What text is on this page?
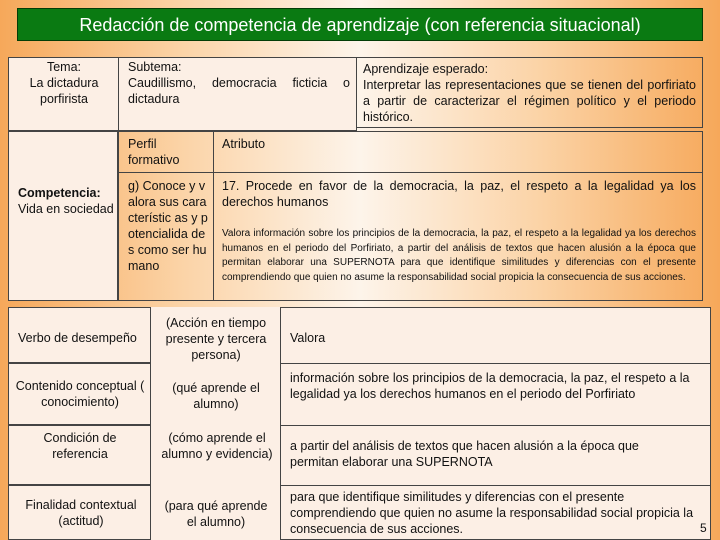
Redacción de competencia de aprendizaje (con referencia situacional)
Tema:
La dictadura porfirista
Subtema:
Caudillismo, democracia ficticia o dictadura
Aprendizaje esperado:
Interpretar las representaciones que se tienen del porfiriato a partir de caracterizar el régimen político y el periodo histórico.
Competencia:
Vida en sociedad
Perfil formativo
Atributo
g) Conoce y valora sus característic as y potencialida des como ser humano
17. Procede en favor de la democracia, la paz, el respeto a la legalidad ya los derechos humanos
Valora información sobre los principios de la democracia, la paz, el respeto a la legalidad ya los derechos humanos en el periodo del Porfiriato, a partir del análisis de textos que hacen alusión a la época que permitan elaborar una SUPERNOTA para que identifique similitudes y diferencias con el presente comprendiendo que quien no asume la responsabilidad social propicia la consecuencia de sus acciones.
Verbo de desempeño
(Acción en tiempo presente y tercera persona)
Valora
Contenido conceptual ( conocimiento)
(qué aprende el alumno)
información sobre los principios de la democracia, la paz, el respeto a la legalidad ya los derechos humanos en el periodo del Porfiriato
Condición de referencia
(cómo aprende el alumno y evidencia)
a partir del análisis de textos que hacen alusión a la época que permitan elaborar una SUPERNOTA
Finalidad contextual (actitud)
(para qué aprende el alumno)
para que identifique similitudes y diferencias con el presente comprendiendo que quien no asume la responsabilidad social propicia la consecuencia de sus acciones.	5
